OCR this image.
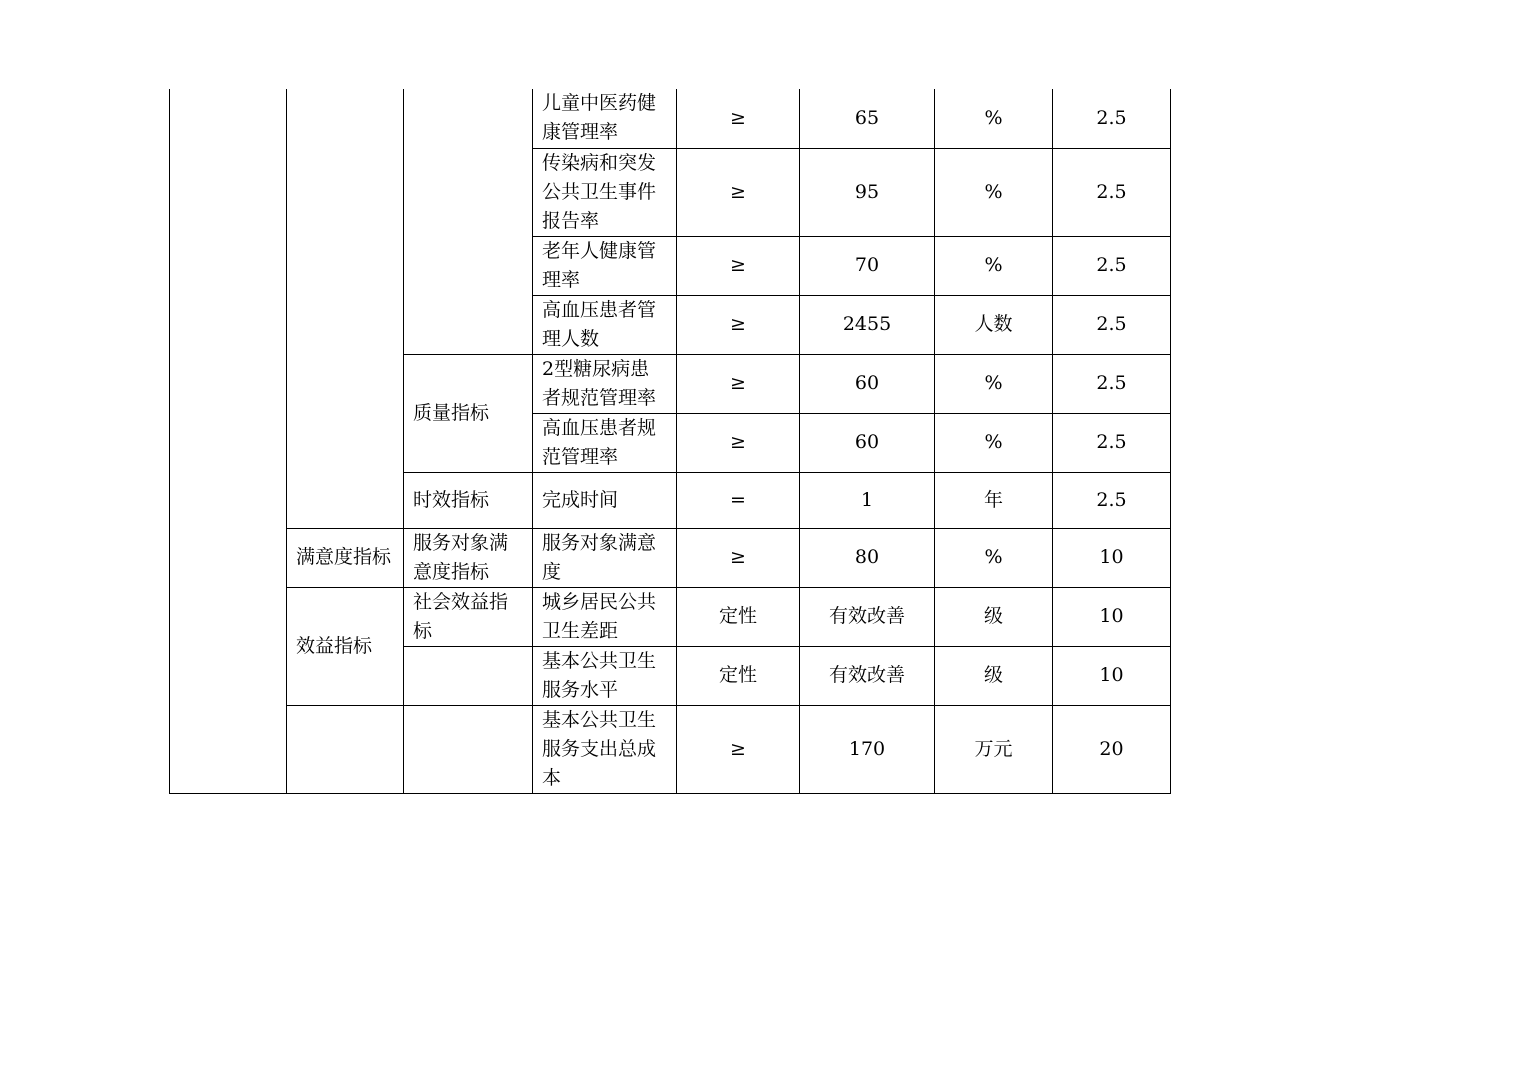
			儿童中医药健康管理率	≥	65	%	2.5
			传染病和突发公共卫生事件报告率	≥	95	%	2.5
			老年人健康管理率	≥	70	%	2.5
			高血压患者管理人数	≥	2455	人数	2.5
		质量指标	2型糖尿病患者规范管理率	≥	60	%	2.5
			高血压患者规范管理率	≥	60	%	2.5
		时效指标	完成时间	=	1	年	2.5
	满意度指标	服务对象满意度指标	服务对象满意度	≥	80	%	10
	效益指标	社会效益指标	城乡居民公共卫生差距	定性	有效改善	级	10
			基本公共卫生服务水平	定性	有效改善	级	10
			基本公共卫生服务支出总成本	≥	170	万元	20
